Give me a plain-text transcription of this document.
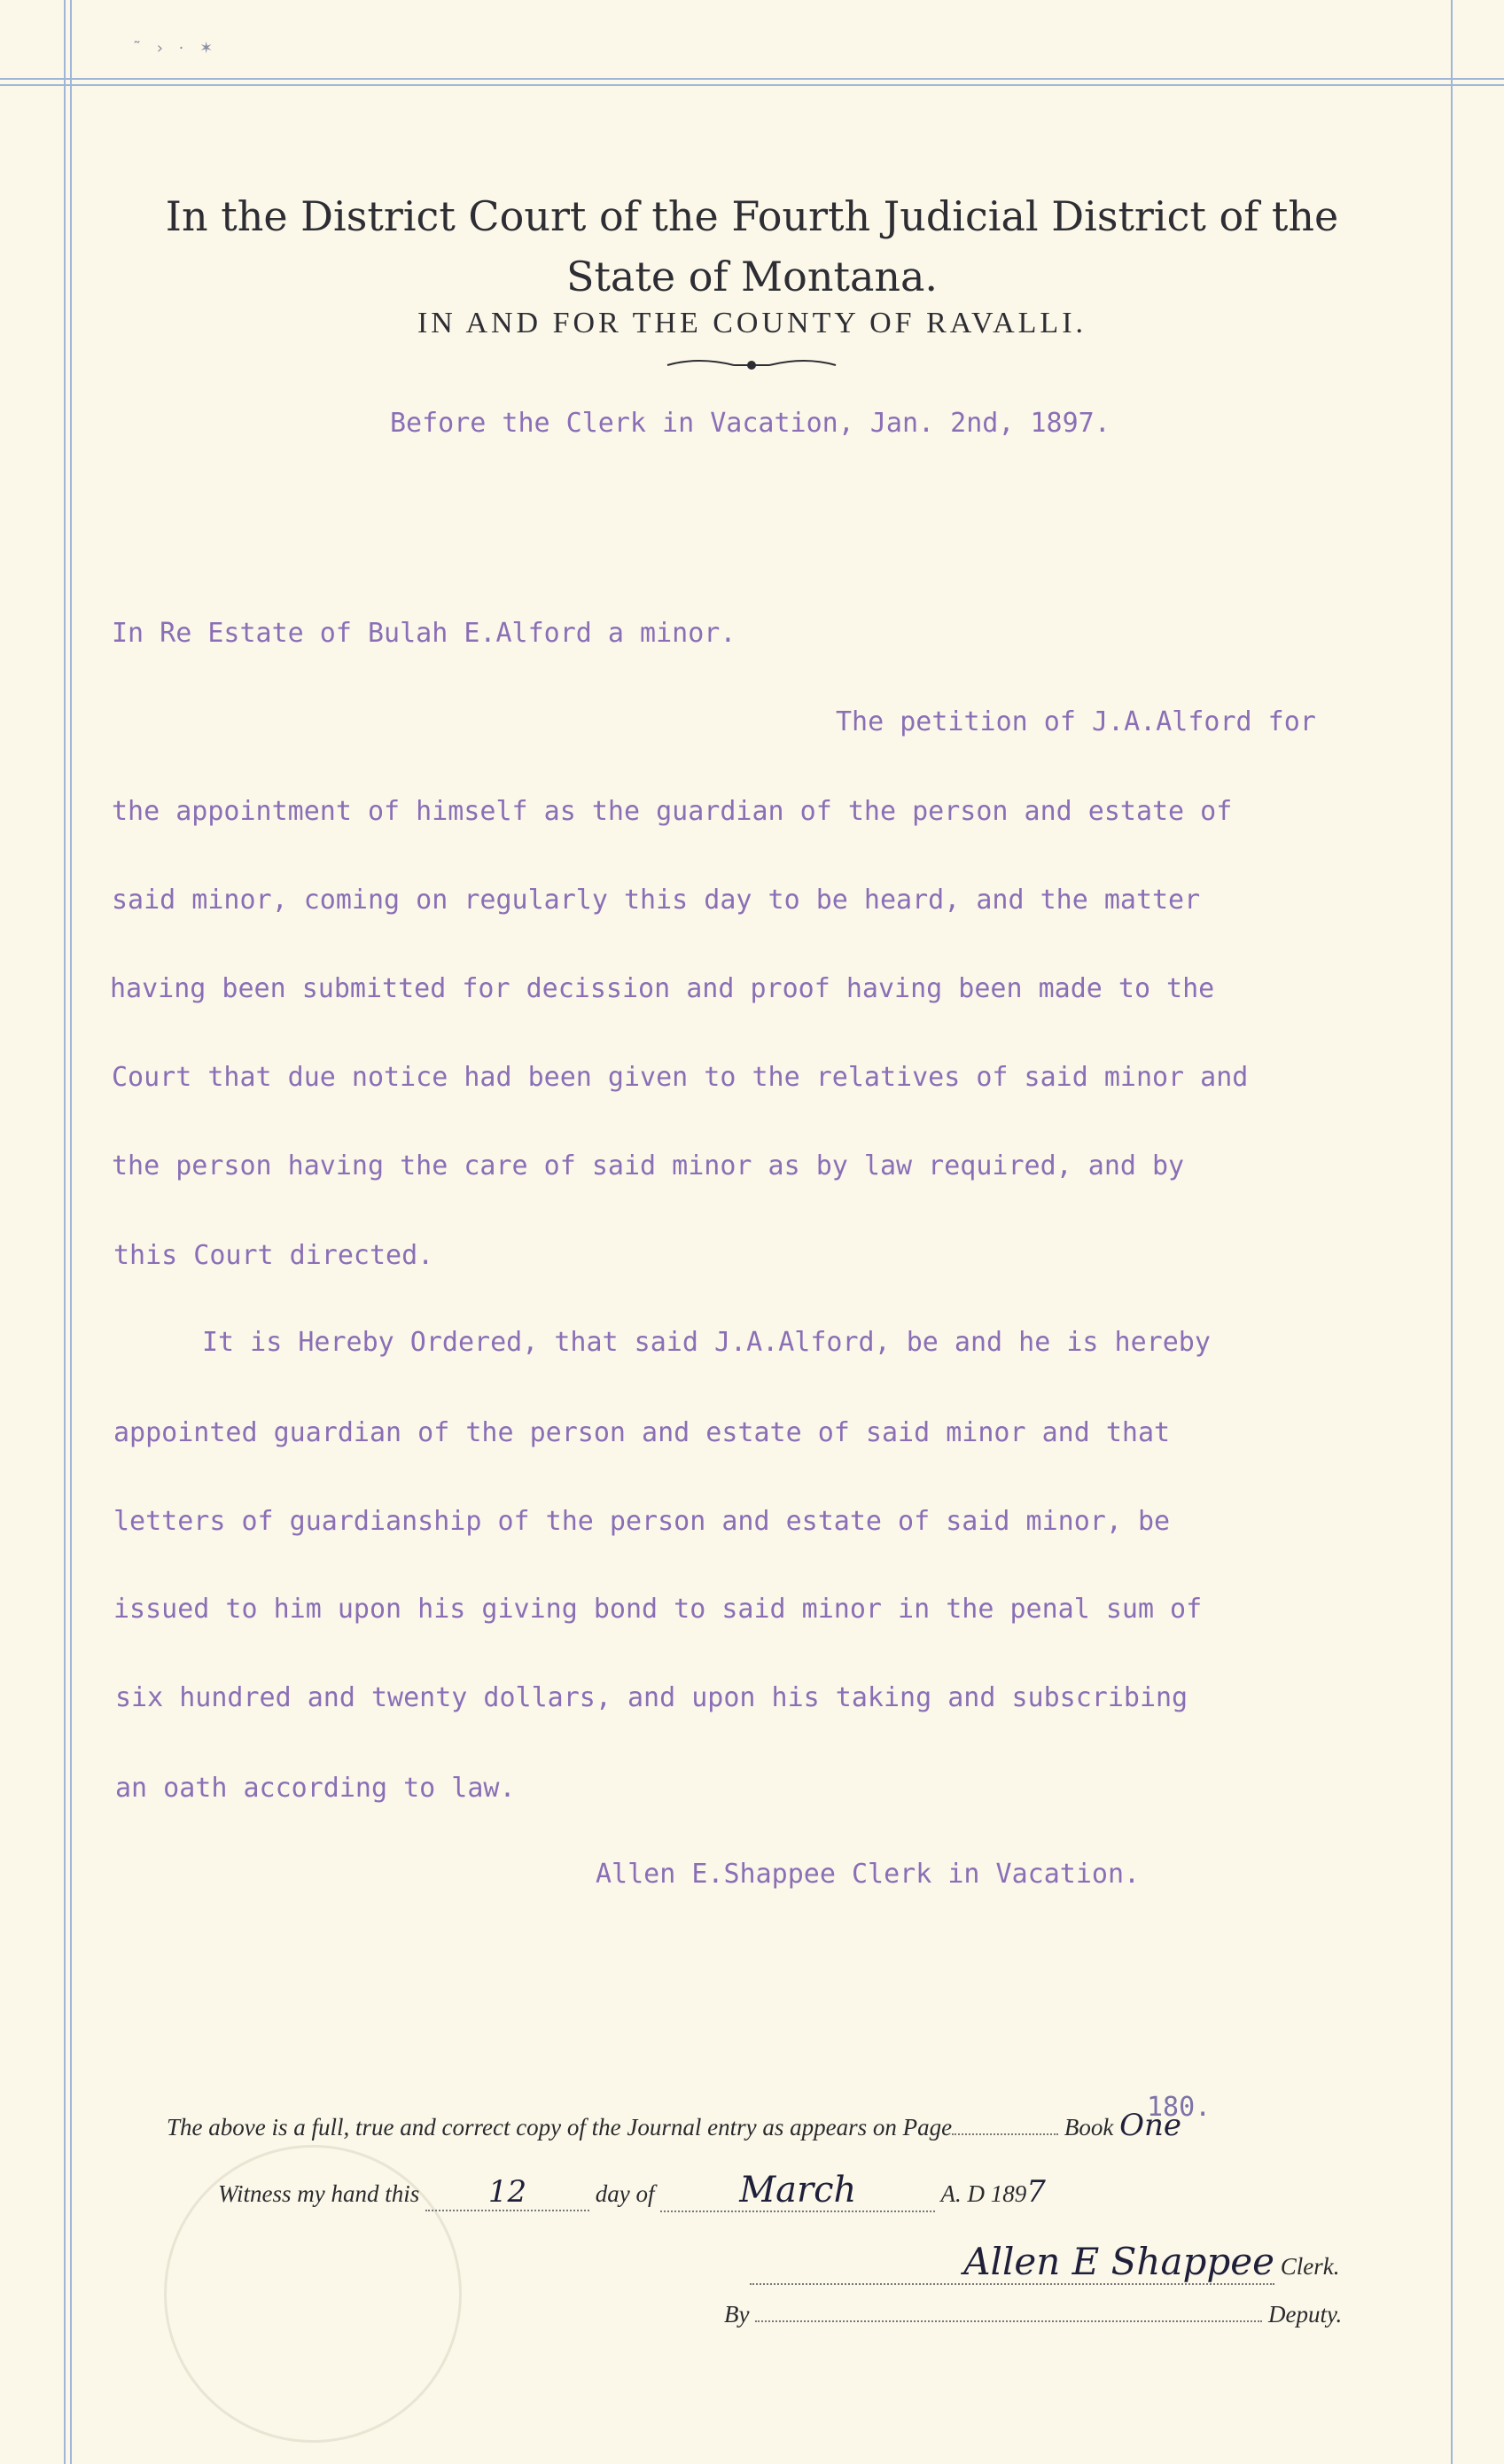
˜ › · ✶
In the District Court of the Fourth Judicial District of the
State of Montana.
IN AND FOR THE COUNTY OF RAVALLI.
Before the Clerk in Vacation, Jan. 2nd, 1897.
In Re Estate of Bulah E.Alford a minor.
The petition of J.A.Alford for
the appointment of himself as the guardian of the person and estate of
said minor, coming on regularly this day to be heard, and the matter
having been submitted for decission and proof having been made to the
Court that due notice had been given to the relatives of said minor and
the person having the care of said minor as by law required, and by
this Court directed.
It is Hereby Ordered, that said J.A.Alford, be and he is hereby
appointed guardian of the person and estate of said minor and that
letters of guardianship of the person and estate of said minor, be
issued to him upon his giving bond to said minor in the penal sum of
six hundred and twenty dollars, and upon his taking and subscribing
an oath according to law.
Allen E.Shappee Clerk in Vacation.
180.
The above is a full, true and correct copy of the Journal entry as appears on Page	Book One
Witness my hand this 12	day of March	A. D 1897
Allen E Shappee Clerk.
By	Deputy.
